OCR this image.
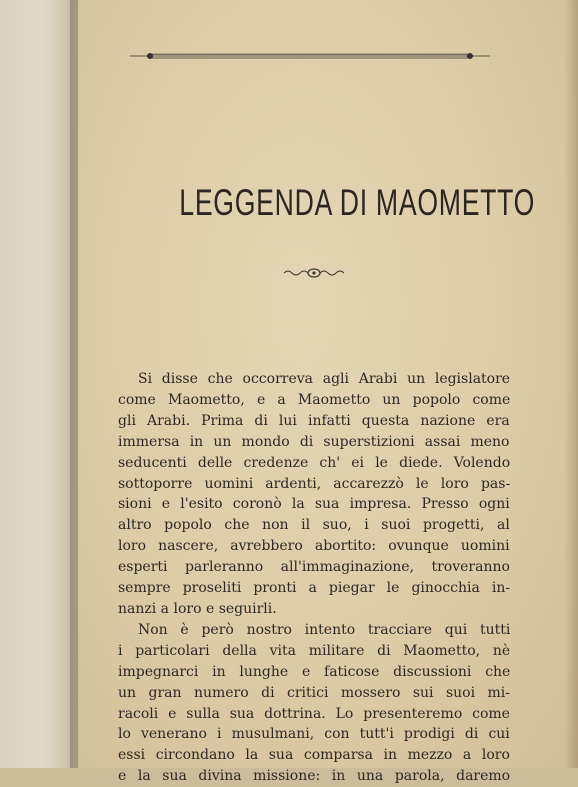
LEGGENDA DI MAOMETTO

Si disse che occorreva agli Arabi un legislatore
come Maometto, e a Maometto un popolo come
gli Arabi. Prima di lui infatti questa nazione era
immersa in un mondo di superstizioni assai meno
seducenti delle credenze ch' ei le diede. Volendo
sottoporre uomini ardenti, accarezzò le loro pas-
sioni e l'esito coronò la sua impresa. Presso ogni
altro popolo che non il suo, i suoi progetti, al
loro nascere, avrebbero abortito: ovunque uomini
esperti parleranno all'immaginazione, troveranno
sempre proseliti pronti a piegar le ginocchia in-
nanzi a loro e seguirli.

Non è però nostro intento tracciare qui tutti
i particolari della vita militare di Maometto, nè
impegnarci in lunghe e faticose discussioni che
un gran numero di critici mossero sui suoi mi-
racoli e sulla sua dottrina. Lo presenteremo come
lo venerano i musulmani, con tutt'i prodigi di cui
essi circondano la sua comparsa in mezzo a loro
e la sua divina missione: in una parola, daremo
